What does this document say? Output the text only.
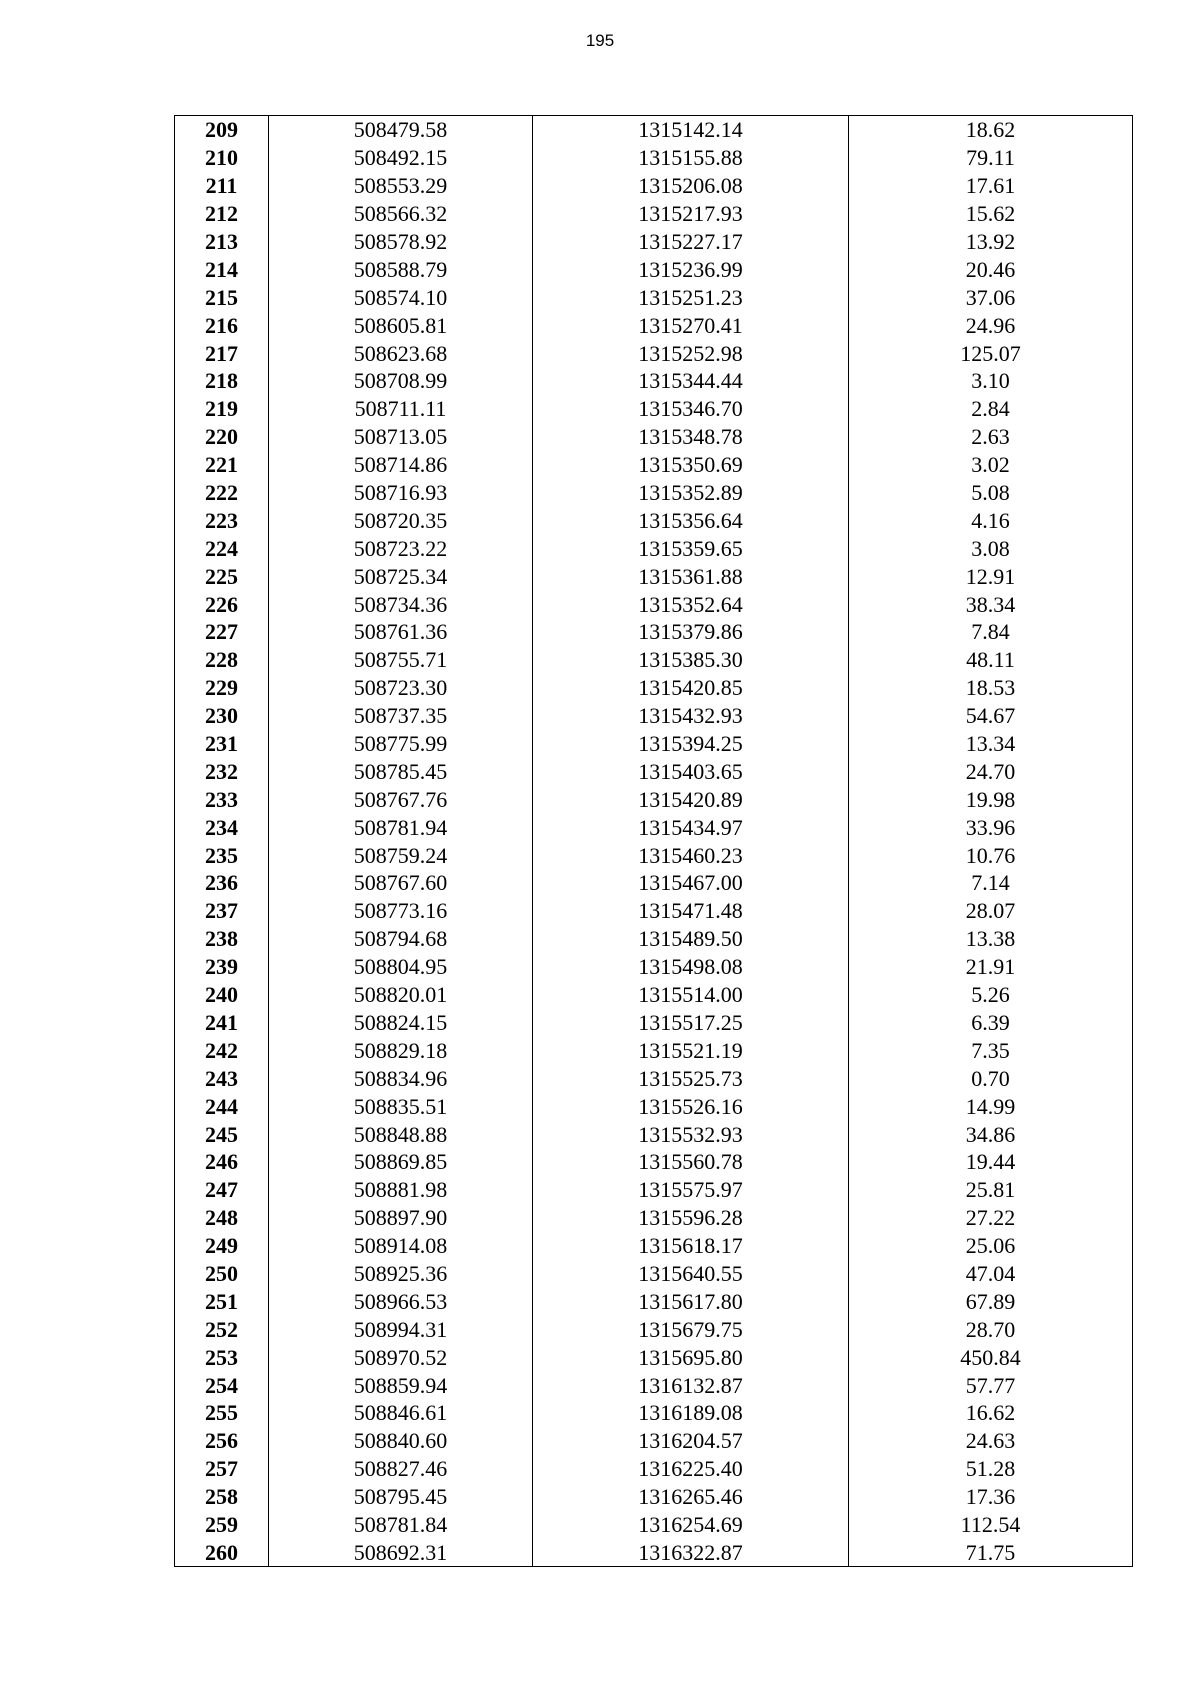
195
209	508479.58	1315142.14	18.62
210	508492.15	1315155.88	79.11
211	508553.29	1315206.08	17.61
212	508566.32	1315217.93	15.62
213	508578.92	1315227.17	13.92
214	508588.79	1315236.99	20.46
215	508574.10	1315251.23	37.06
216	508605.81	1315270.41	24.96
217	508623.68	1315252.98	125.07
218	508708.99	1315344.44	3.10
219	508711.11	1315346.70	2.84
220	508713.05	1315348.78	2.63
221	508714.86	1315350.69	3.02
222	508716.93	1315352.89	5.08
223	508720.35	1315356.64	4.16
224	508723.22	1315359.65	3.08
225	508725.34	1315361.88	12.91
226	508734.36	1315352.64	38.34
227	508761.36	1315379.86	7.84
228	508755.71	1315385.30	48.11
229	508723.30	1315420.85	18.53
230	508737.35	1315432.93	54.67
231	508775.99	1315394.25	13.34
232	508785.45	1315403.65	24.70
233	508767.76	1315420.89	19.98
234	508781.94	1315434.97	33.96
235	508759.24	1315460.23	10.76
236	508767.60	1315467.00	7.14
237	508773.16	1315471.48	28.07
238	508794.68	1315489.50	13.38
239	508804.95	1315498.08	21.91
240	508820.01	1315514.00	5.26
241	508824.15	1315517.25	6.39
242	508829.18	1315521.19	7.35
243	508834.96	1315525.73	0.70
244	508835.51	1315526.16	14.99
245	508848.88	1315532.93	34.86
246	508869.85	1315560.78	19.44
247	508881.98	1315575.97	25.81
248	508897.90	1315596.28	27.22
249	508914.08	1315618.17	25.06
250	508925.36	1315640.55	47.04
251	508966.53	1315617.80	67.89
252	508994.31	1315679.75	28.70
253	508970.52	1315695.80	450.84
254	508859.94	1316132.87	57.77
255	508846.61	1316189.08	16.62
256	508840.60	1316204.57	24.63
257	508827.46	1316225.40	51.28
258	508795.45	1316265.46	17.36
259	508781.84	1316254.69	112.54
260	508692.31	1316322.87	71.75
